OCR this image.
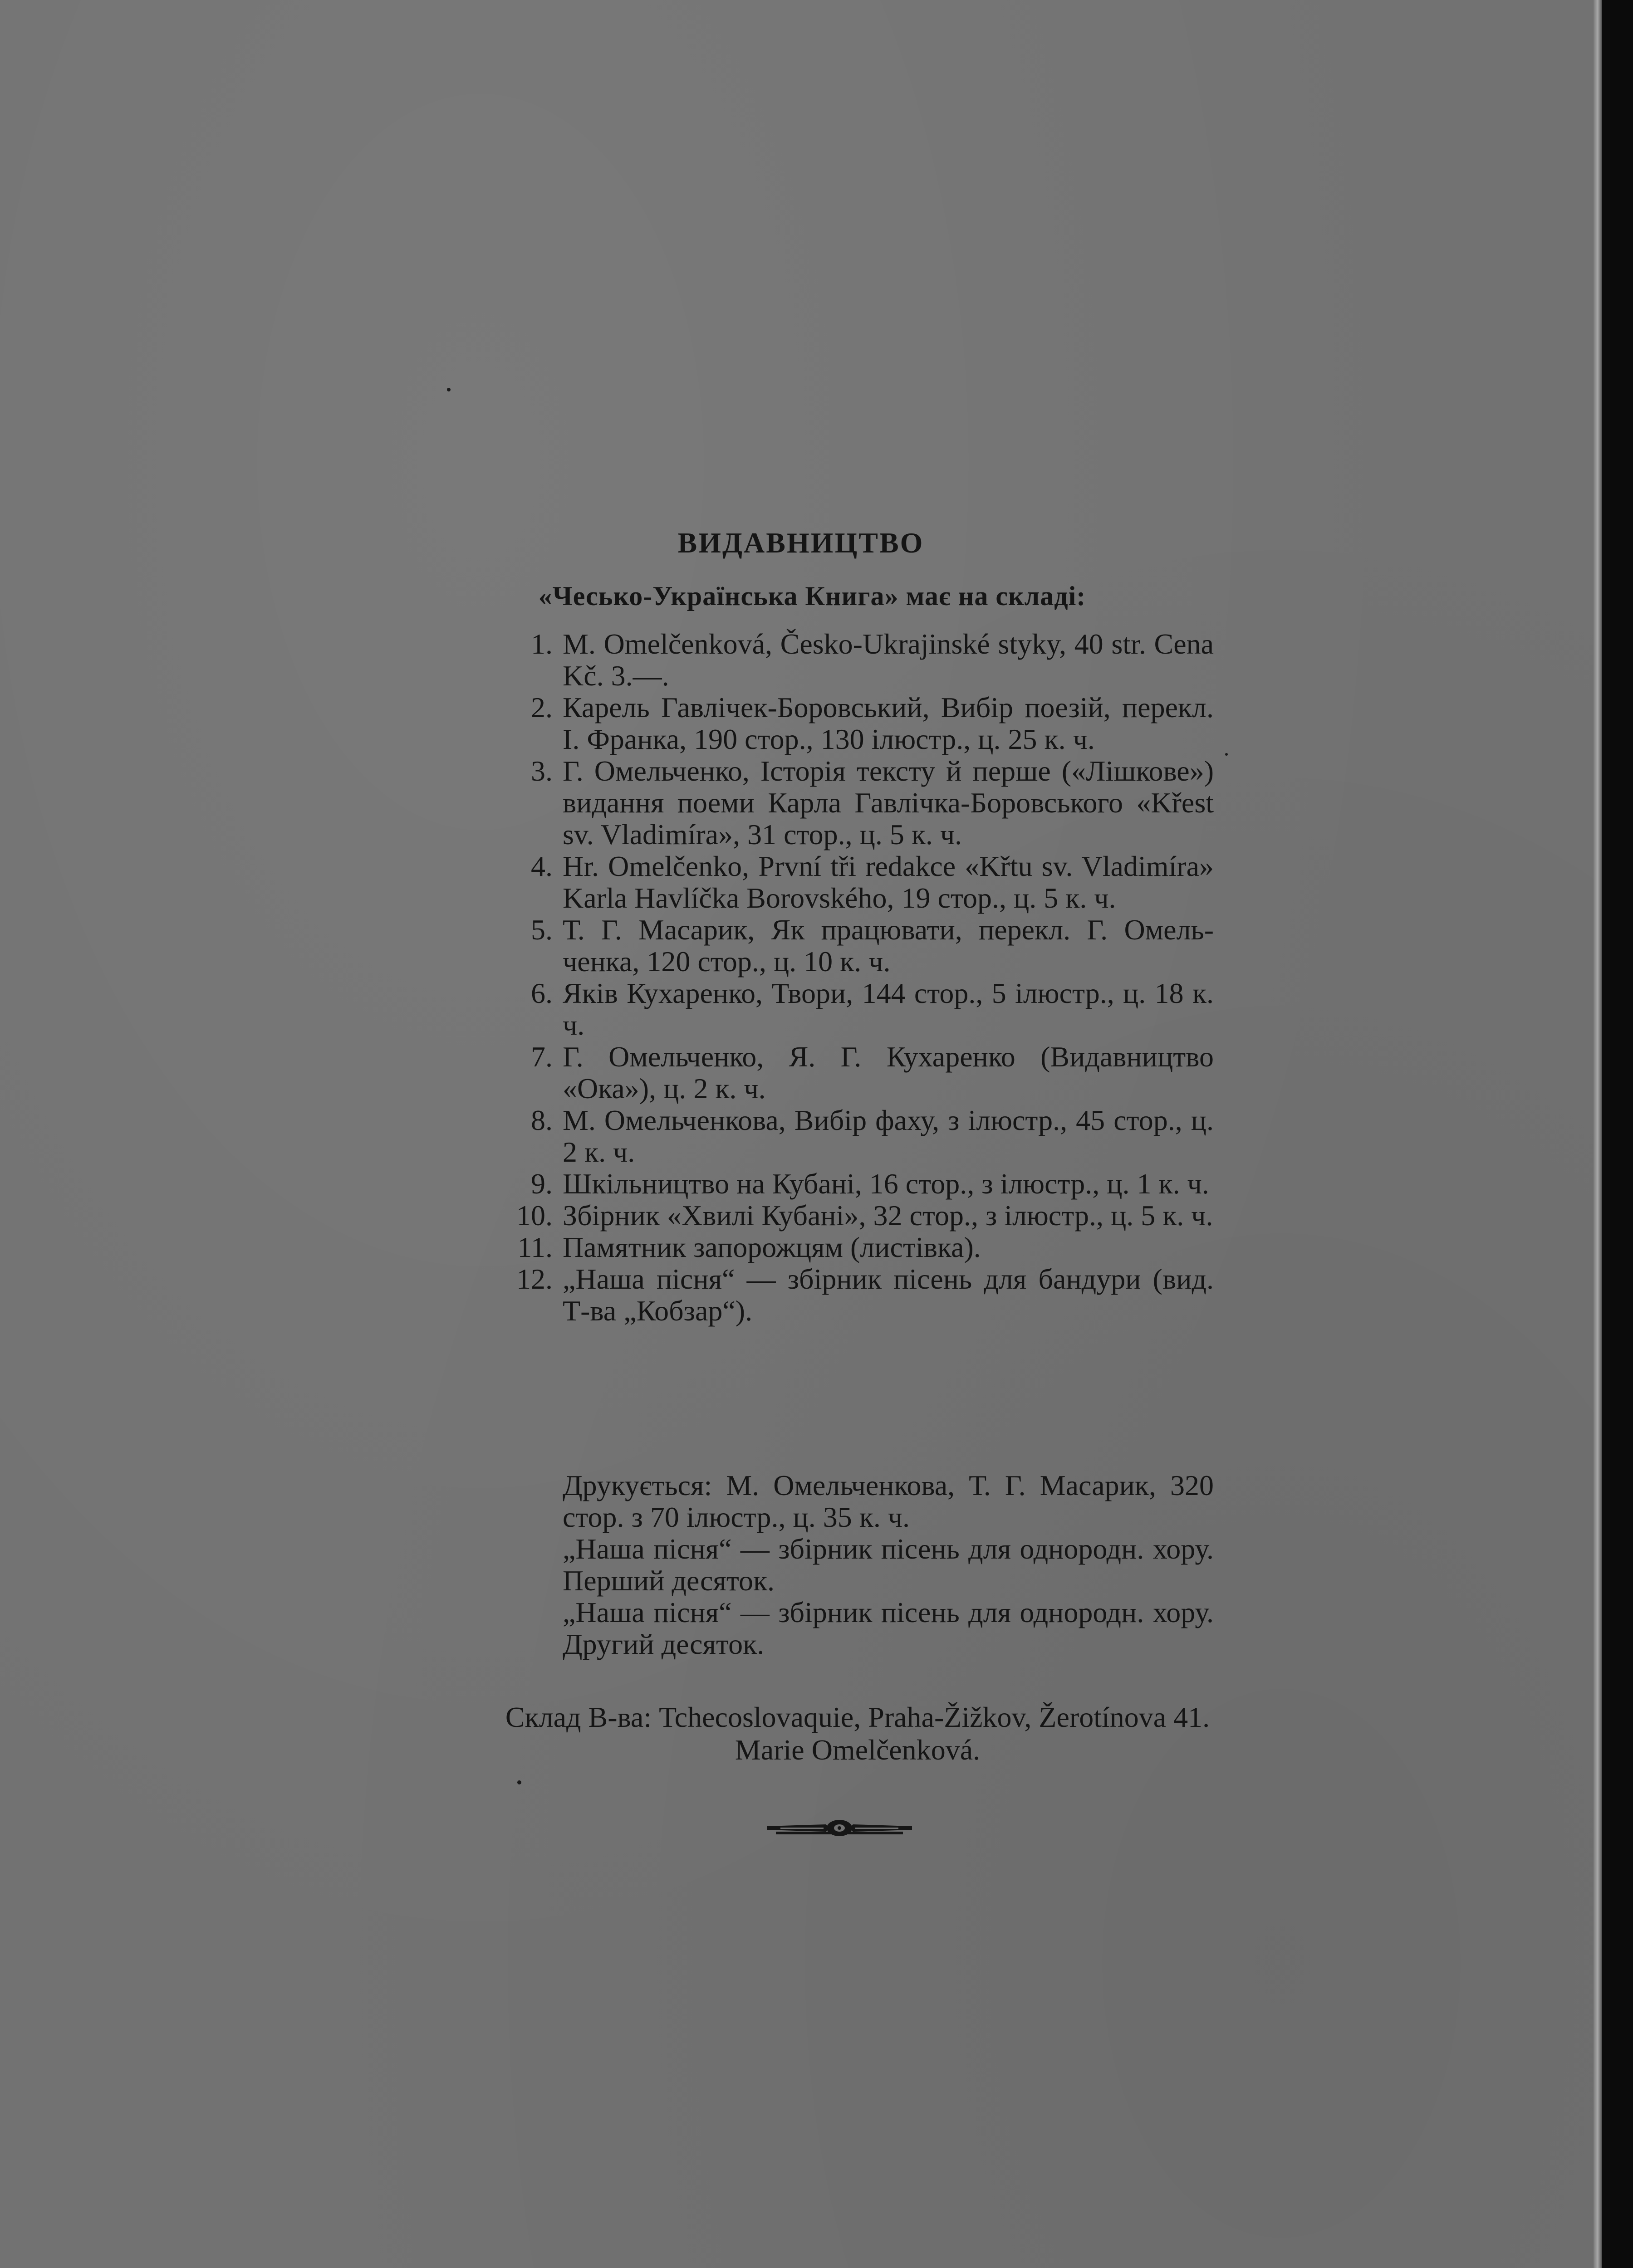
ВИДАВНИЦТВО
«Чесько-Українська Книга» має на складі:
1. M. Omelčenková, Česko-Ukrajinské styky, 40 str. Cena Kč. 3.—.
2. Карель Гавлічек-Боровський, Вибір поезій, перекл. І. Франка, 190 стор., 130 ілюстр., ц. 25 к. ч.
3. Г. Омельченко, Історія тексту й перше («Лішкове») видання поеми Карла Гавлічка-Боровського «Křest sv. Vladimíra», 31 стор., ц. 5 к. ч.
4. Hr. Omelčenko, První tři redakce «Křtu sv. Vladimíra» Karla Havlíčka Borovského, 19 стор., ц. 5 к. ч.
5. Т. Г. Масарик, Як працювати, перекл. Г. Омельченка, 120 стор., ц. 10 к. ч.
6. Яків Кухаренко, Твори, 144 стор., 5 ілюстр., ц. 18 к. ч.
7. Г. Омельченко, Я. Г. Кухаренко (Видавництво «Ока»), ц. 2 к. ч.
8. М. Омельченкова, Вибір фаху, з ілюстр., 45 стор., ц. 2 к. ч.
9. Шкільництво на Кубані, 16 стор., з ілюстр., ц. 1 к. ч.
10. Збірник «Хвилі Кубані», 32 стор., з ілюстр., ц. 5 к. ч.
11. Памятник запорожцям (листівка).
12. „Наша пісня“ — збірник пісень для бандури (вид. Т-ва „Кобзар“).

Друкується: М. Омельченкова, Т. Г. Масарик, 320 стор. з 70 ілюстр., ц. 35 к. ч.

„Наша пісня“ — збірник пісень для однородн. хору. Перший десяток.

„Наша пісня“ — збірник пісень для однородн. хору. Другий десяток.

Склад В-ва: Tchecoslovaquie, Praha-Žižkov, Žerotínova 41. Marie Omelčenková.
